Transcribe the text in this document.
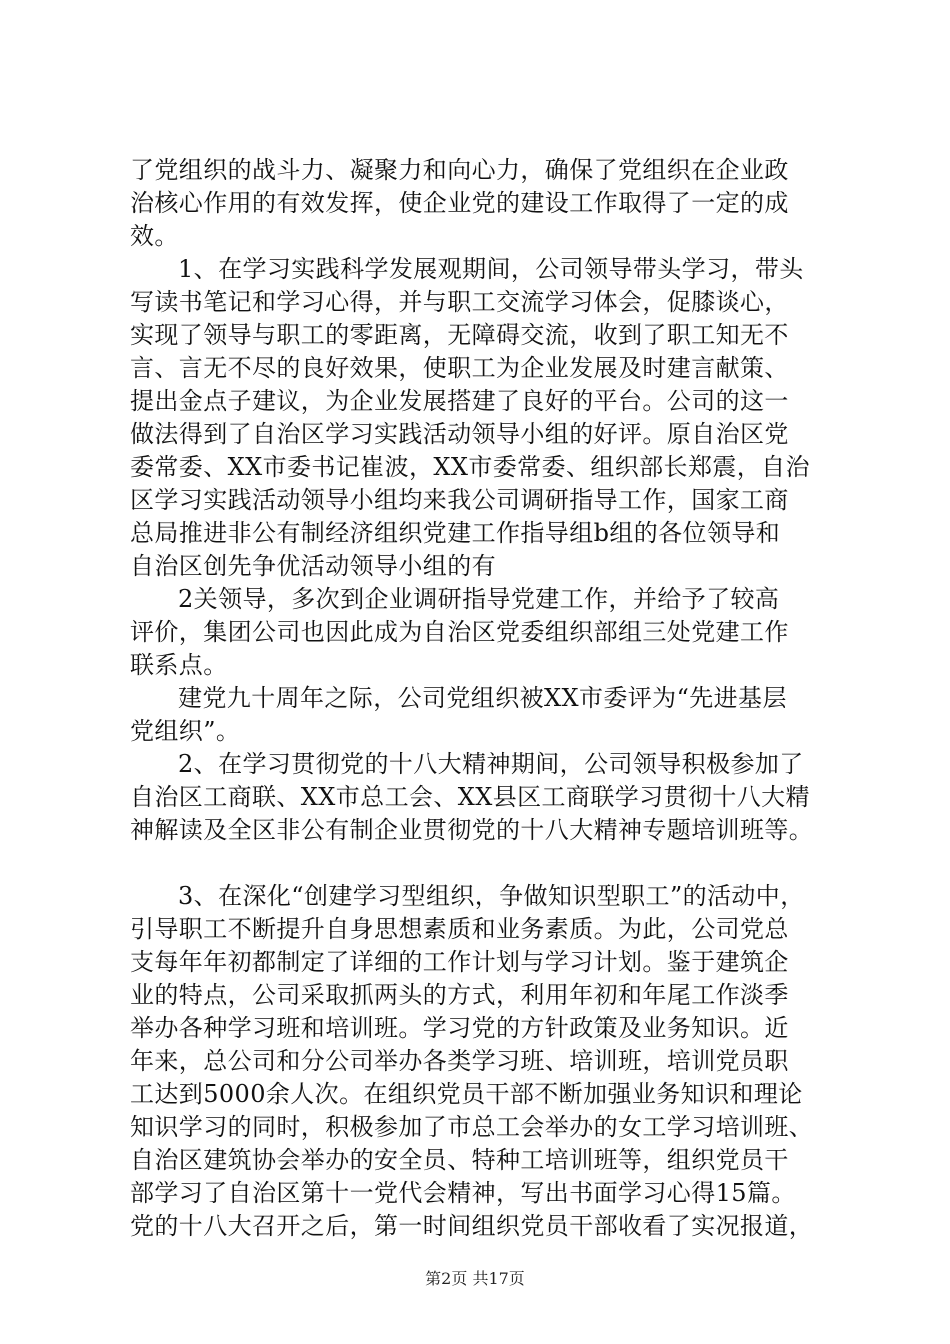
了党组织的战斗力、凝聚力和向心力，确保了党组织在企业政
治核心作用的有效发挥，使企业党的建设工作取得了一定的成
效。
1、在学习实践科学发展观期间，公司领导带头学习，带头
写读书笔记和学习心得，并与职工交流学习体会，促膝谈心，
实现了领导与职工的零距离，无障碍交流，收到了职工知无不
言、言无不尽的良好效果，使职工为企业发展及时建言献策、
提出金点子建议，为企业发展搭建了良好的平台。公司的这一
做法得到了自治区学习实践活动领导小组的好评。原自治区党
委常委、XX市委书记崔波，XX市委常委、组织部长郑震，自治
区学习实践活动领导小组均来我公司调研指导工作，国家工商
总局推进非公有制经济组织党建工作指导组b组的各位领导和
自治区创先争优活动领导小组的有
2关领导，多次到企业调研指导党建工作，并给予了较高
评价，集团公司也因此成为自治区党委组织部组三处党建工作
联系点。
建党九十周年之际，公司党组织被XX市委评为“先进基层
党组织”。
2、在学习贯彻党的十八大精神期间，公司领导积极参加了
自治区工商联、XX市总工会、XX县区工商联学习贯彻十八大精
神解读及全区非公有制企业贯彻党的十八大精神专题培训班等。
3、在深化“创建学习型组织，争做知识型职工”的活动中，
引导职工不断提升自身思想素质和业务素质。为此，公司党总
支每年年初都制定了详细的工作计划与学习计划。鉴于建筑企
业的特点，公司采取抓两头的方式，利用年初和年尾工作淡季
举办各种学习班和培训班。学习党的方针政策及业务知识。近
年来，总公司和分公司举办各类学习班、培训班，培训党员职
工达到5000余人次。在组织党员干部不断加强业务知识和理论
知识学习的同时，积极参加了市总工会举办的女工学习培训班、
自治区建筑协会举办的安全员、特种工培训班等，组织党员干
部学习了自治区第十一党代会精神，写出书面学习心得15篇。
党的十八大召开之后，第一时间组织党员干部收看了实况报道，
第2页 共17页
